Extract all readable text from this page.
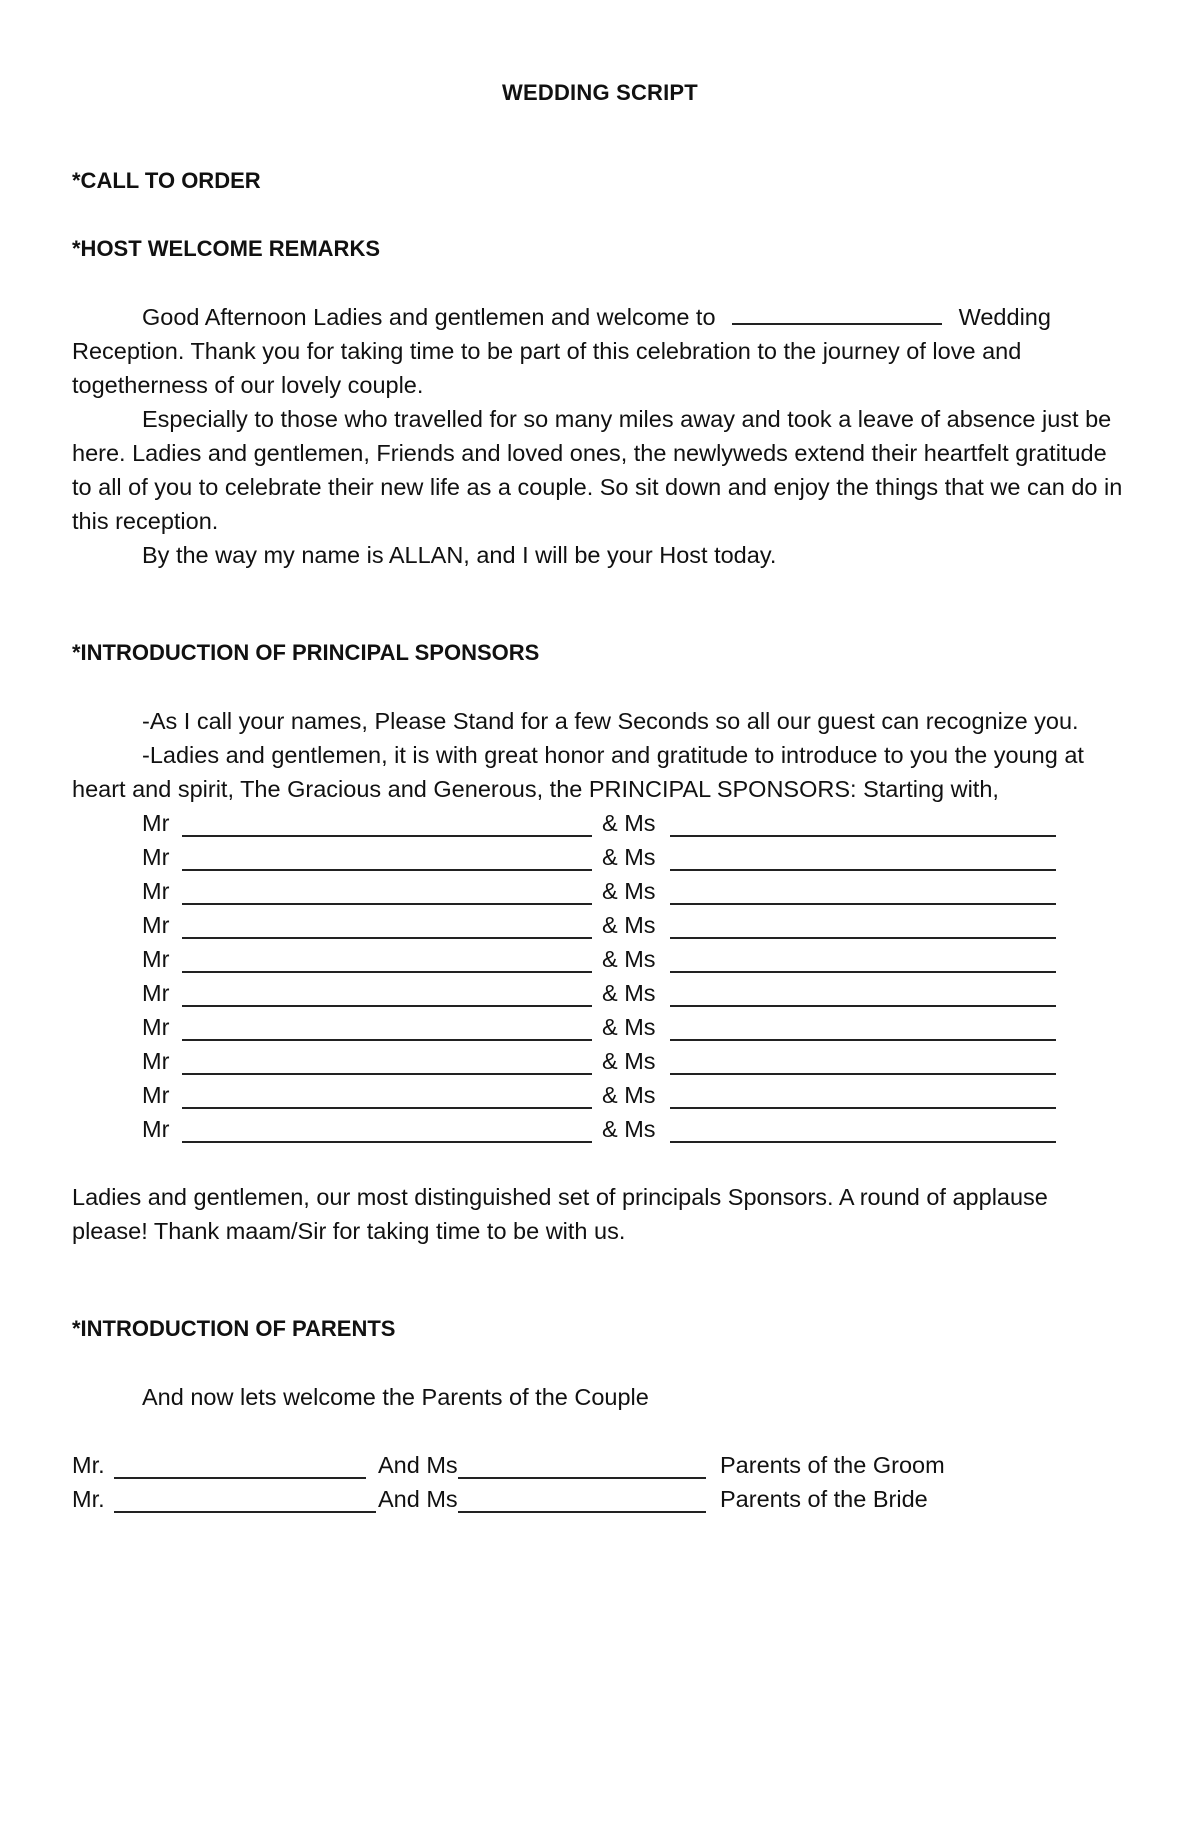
WEDDING SCRIPT
*CALL TO ORDER
*HOST WELCOME REMARKS

Good Afternoon Ladies and gentlemen and welcome to	Wedding Reception. Thank you for taking time to be part of this celebration to the journey of love and togetherness of our lovely couple.

Especially to those who travelled for so many miles away and took a leave of absence just be here. Ladies and gentlemen, Friends and loved ones, the newlyweds extend their heartfelt gratitude to all of you to celebrate their new life as a couple. So sit down and enjoy the things that we can do in this reception.

By the way my name is ALLAN, and I will be your Host today.

*INTRODUCTION OF PRINCIPAL SPONSORS

-As I call your names, Please Stand for a few Seconds so all our guest can recognize you.

-Ladies and gentlemen, it is with great honor and gratitude to introduce to you the young at heart and spirit, The Gracious and Generous, the PRINCIPAL SPONSORS: Starting with,

Mr	& Ms
Mr	& Ms
Mr	& Ms
Mr	& Ms
Mr	& Ms
Mr	& Ms
Mr	& Ms
Mr	& Ms
Mr	& Ms
Mr	& Ms

Ladies and gentlemen, our most distinguished set of principals Sponsors. A round of applause please! Thank maam/Sir for taking time to be with us.

*INTRODUCTION OF PARENTS

And now lets welcome the Parents of the Couple

Mr.	And Ms	Parents of the Groom
Mr.	And Ms	Parents of the Bride
